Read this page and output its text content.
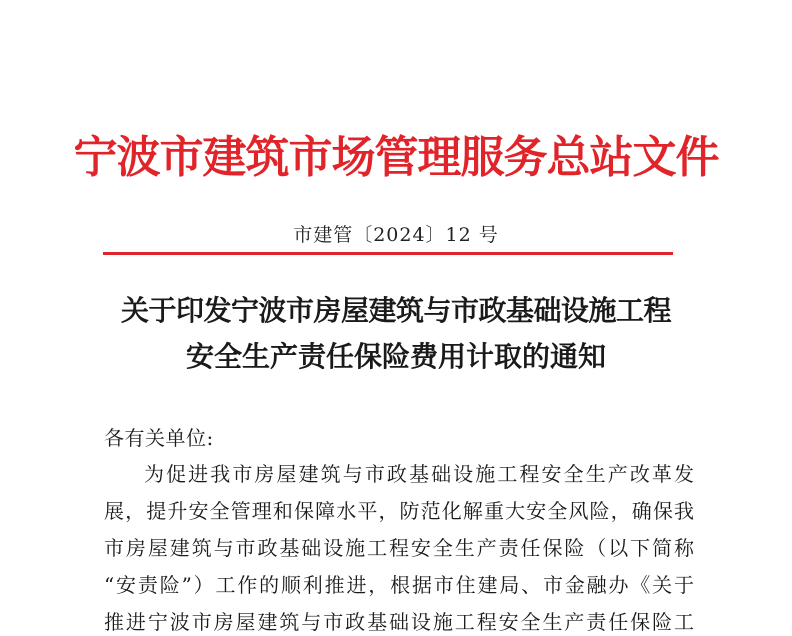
宁波市建筑市场管理服务总站文件
市建管〔2024〕12 号
关于印发宁波市房屋建筑与市政基础设施工程
安全生产责任保险费用计取的通知
各有关单位:
为促进我市房屋建筑与市政基础设施工程安全生产改革发
展，提升安全管理和保障水平，防范化解重大安全风险，确保我
市房屋建筑与市政基础设施工程安全生产责任保险（以下简称
“安责险”）工作的顺利推进，根据市住建局、市金融办《关于
推进宁波市房屋建筑与市政基础设施工程安全生产责任保险工
